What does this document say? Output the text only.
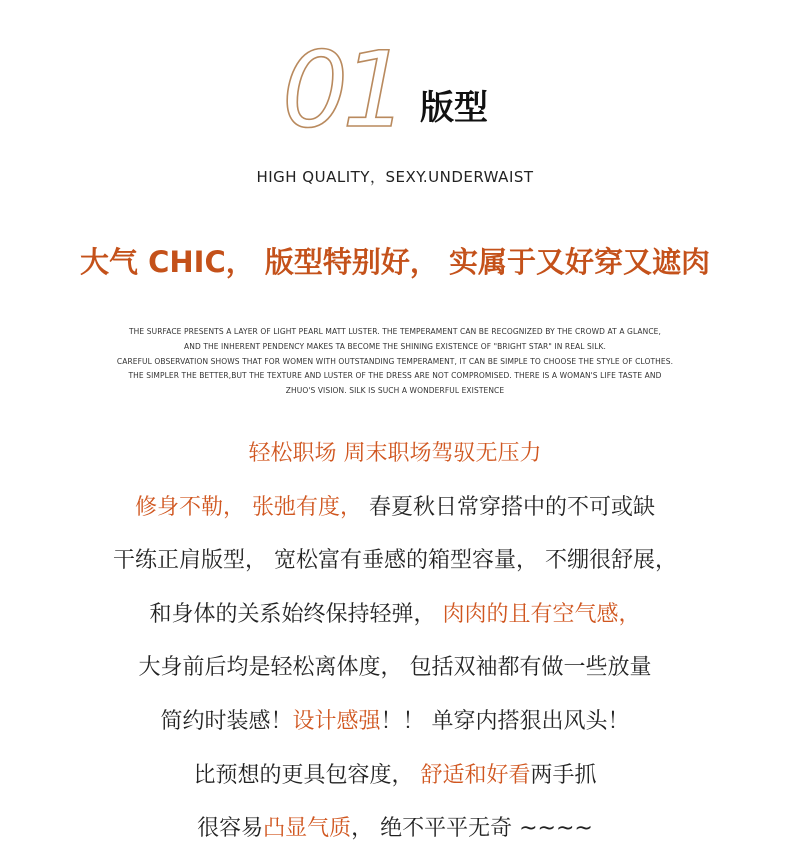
01 版型
HIGH QUALITY，SEXY.UNDERWAIST
大气 CHIC， 版型特别好， 实属于又好穿又遮肉
THE SURFACE PRESENTS A LAYER OF LIGHT PEARL MATT LUSTER. THE TEMPERAMENT CAN BE RECOGNIZED BY THE CROWD AT A GLANCE,
AND THE INHERENT PENDENCY MAKES TA BECOME THE SHINING EXISTENCE OF "BRIGHT STAR" IN REAL SILK.
CAREFUL OBSERVATION SHOWS THAT FOR WOMEN WITH OUTSTANDING TEMPERAMENT, IT CAN BE SIMPLE TO CHOOSE THE STYLE OF CLOTHES.
THE SIMPLER THE BETTER,BUT THE TEXTURE AND LUSTER OF THE DRESS ARE NOT COMPROMISED. THERE IS A WOMAN'S LIFE TASTE AND
ZHUO'S VISION. SILK IS SUCH A WONDERFUL EXISTENCE
轻松职场 周末职场驾驭无压力
修身不勒， 张弛有度， 春夏秋日常穿搭中的不可或缺
干练正肩版型， 宽松富有垂感的箱型容量， 不绷很舒展，
和身体的关系始终保持轻弹， 肉肉的且有空气感，
大身前后均是轻松离体度， 包括双袖都有做一些放量
简约时装感！设计感强！！ 单穿内搭狠出风头！
比预想的更具包容度， 舒适和好看两手抓
很容易凸显气质， 绝不平平无奇 ~~~~
